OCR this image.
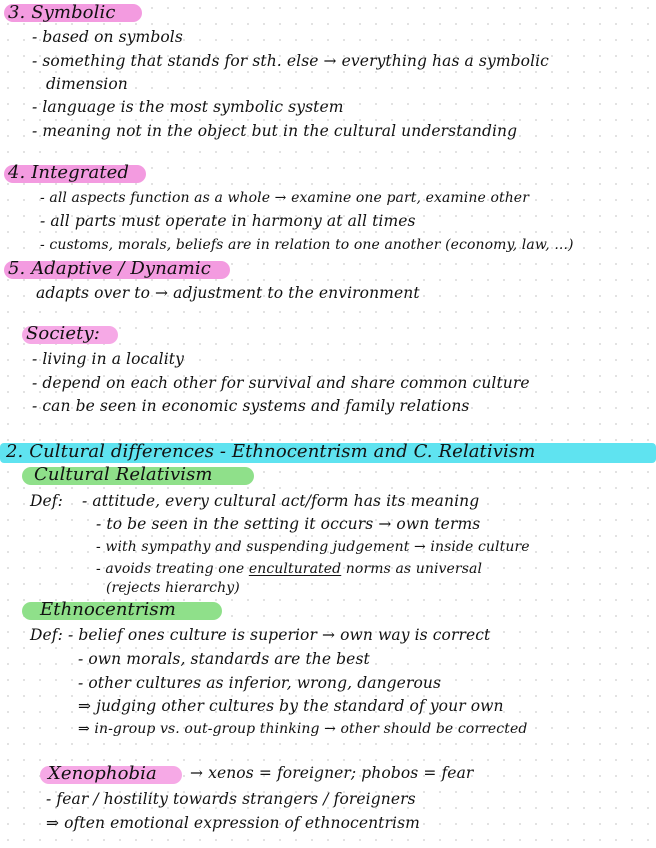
3. Symbolic
- based on symbols
- something that stands for sth. else → everything has a symbolic
dimension
- language is the most symbolic system
- meaning not in the object but in the cultural understanding
4. Integrated
- all aspects function as a whole → examine one part, examine other
- all parts must operate in harmony at all times
- customs, morals, beliefs are in relation to one another (economy, law, ...)
5. Adaptive / Dynamic
adapts over to → adjustment to the environment
Society:
- living in a locality
- depend on each other for survival and share common culture
- can be seen in economic systems and family relations
2. Cultural differences - Ethnocentrism and C. Relativism
Cultural Relativism
Def: - attitude, every cultural act/form has its meaning
- to be seen in the setting it occurs → own terms
- with sympathy and suspending judgement → inside culture
- avoids treating one enculturated norms as universal
(rejects hierarchy)
Ethnocentrism
Def: - belief ones culture is superior → own way is correct
- own morals, standards are the best
- other cultures as inferior, wrong, dangerous
⇒ judging other cultures by the standard of your own
⇒ in-group vs. out-group thinking → other should be corrected
Xenophobia → xenos = foreigner; phobos = fear
- fear / hostility towards strangers / foreigners
⇒ often emotional expression of ethnocentrism
